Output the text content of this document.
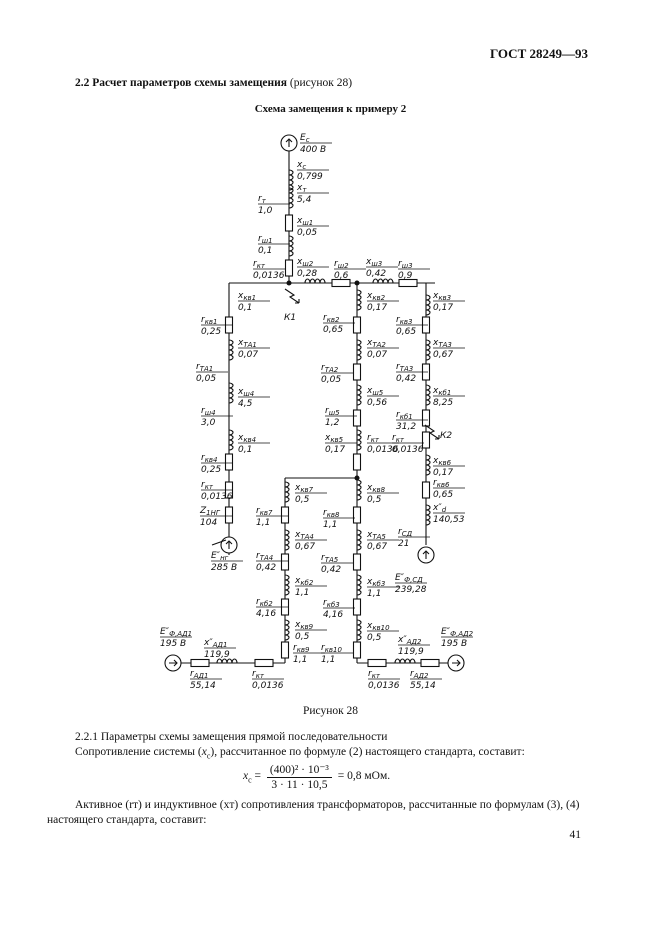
ГОСТ 28249—93
2.2 Расчет параметров схемы замещения (рисунок 28)
Схема замещения к примеру 2
$E_с$
400 В
$x_с$
0,799
$x_т$
5,4
$r_т$
1,0
$x_{ш1}$
0,05
$r_{ш1}$
0,1
$r_{кт}$
0,0136
$x_{ш2}$
0,28
$r_{ш2}$
0,6
$x_{ш3}$
0,42
$r_{ш3}$
0,9
К1
$x_{кв1}$
0,1
$r_{кв1}$
0,25
$x_{ТА1}$
0,07
$r_{ТА1}$
0,05
$x_{ш4}$
4,5
$r_{ш4}$
3,0
$x_{кв4}$
0,1
$r_{кв4}$
0,25
$r_{кт}$
0,0136
$Z_{1НГ}$
104
$E''_{нг}$
285 В
$x_{кв2}$
0,17
$r_{кв2}$
0,65
$x_{ТА2}$
0,07
$r_{ТА2}$
0,05
$x_{ш5}$
0,56
$r_{ш5}$
1,2
$x_{кв5}$
0,17
$r_{кт}$
0,0136
$x_{кв8}$
0,5
$r_{кв8}$
1,1
$x_{ТА5}$
0,67
$r_{ТА5}$
0,42
$x_{кб3}$
1,1
$r_{кб3}$
4,16
$x_{кв10}$
0,5
$r_{кв10}$
1,1
$x_{кв7}$
0,5
$r_{кв7}$
1,1
$x_{ТА4}$
0,67
$r_{ТА4}$
0,42
$x_{кб2}$
1,1
$r_{кб2}$
4,16
$x_{кв9}$
0,5
$r_{кв9}$
1,1
К2
$x_{кв3}$
0,17
$r_{кв3}$
0,65
$x_{ТА3}$
0,67
$r_{ТА3}$
0,42
$x_{кб1}$
8,25
$r_{кб1}$
31,2
$r_{кт}$
0,0136
$x_{кв6}$
0,17
$r_{кв6}$
0,65
$x''_d$
140,53
$r_{СД}$
21
$E''_{Ф,СД}$
239,28
$E''_{Ф,АД1}$
195 В $x''_{АД1}$
119,9
$r_{АД1}$
55,14
$r_{кт}$
0,0136
$r_{кт}$
0,0136
$x''_{АД2}$
119,9
$E''_{Ф,АД2}$
195 В
$r_{АД2}$
55,14
Рисунок 28
2.2.1 Параметры схемы замещения прямой последовательности
Сопротивление системы $(x_c)$, рассчитанное по формуле (2) настоящего стандарта, составит:
$x_c = \frac{\text{(400)² · 10⁻³}}{3 \cdot 11 \cdot 10,5} = 0,8$ мОм.
Активное (rт) и индуктивное (xт) сопротивления трансформаторов, рассчитанные по формулам (3), (4)
настоящего стандарта, составит:
41
